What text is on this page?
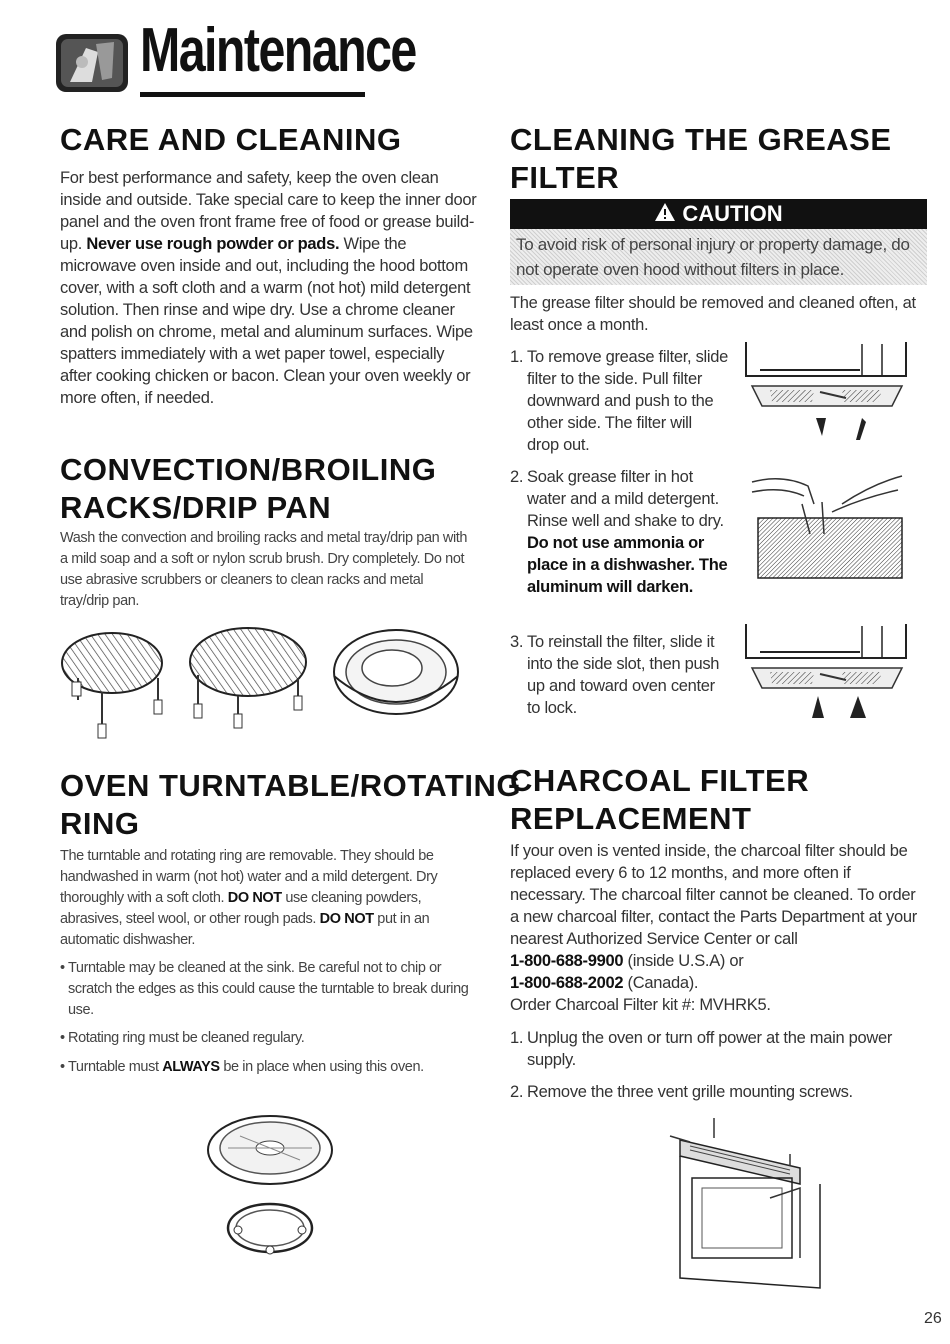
Maintenance
CARE AND CLEANING
For best performance and safety, keep the oven clean inside and outside. Take special care to keep the inner door panel and the oven front frame free of food or grease build-up. Never use rough powder or pads. Wipe the microwave oven inside and out, including the hood bottom cover, with a soft cloth and a warm (not hot) mild detergent solution. Then rinse and wipe dry. Use a chrome cleaner and polish on chrome, metal and aluminum surfaces. Wipe spatters immediately with a wet paper towel, especially after cooking chicken or bacon. Clean your oven weekly or more often, if needed.
CONVECTION/BROILING
RACKS/DRIP PAN
Wash the convection and broiling racks and metal tray/drip pan with a mild soap and a soft or nylon scrub brush. Dry completely. Do not use abrasive scrubbers or cleaners to clean racks and metal tray/drip pan.
OVEN TURNTABLE/ROTATING
RING
The turntable and rotating ring are removable. They should be handwashed in warm (not hot) water and a mild detergent. Dry thoroughly with a soft cloth. DO NOT use cleaning powders, abrasives, steel wool, or other rough pads. DO NOT put in an automatic dishwasher.
• Turntable may be cleaned at the sink. Be careful not to chip or scratch the edges as this could cause the turntable to break during use.
• Rotating ring must be cleaned regulary.
• Turntable must ALWAYS be in place when using this oven.
CLEANING THE GREASE
FILTER
CAUTION
To avoid risk of personal injury or property damage, do not operate oven hood without filters in place.
The grease filter should be removed and cleaned often, at least once a month.
1. To remove grease filter, slide filter to the side. Pull filter downward and push to the other side. The filter will drop out.
2. Soak grease filter in hot water and a mild detergent. Rinse well and shake to dry. Do not use ammonia or place in a dishwasher. The aluminum will darken.
3. To reinstall the filter, slide it into the side slot, then push up and toward oven center to lock.
CHARCOAL FILTER
REPLACEMENT
If your oven is vented inside, the charcoal filter should be replaced every 6 to 12 months, and more often if necessary. The charcoal filter cannot be cleaned. To order a new charcoal filter, contact the Parts Department at your nearest Authorized Service Center or call
1-800-688-9900 (inside U.S.A) or
1-800-688-2002 (Canada).
Order Charcoal Filter kit #: MVHRK5.
1. Unplug the oven or turn off power at the main power supply.
2. Remove the three vent grille mounting screws.
26
